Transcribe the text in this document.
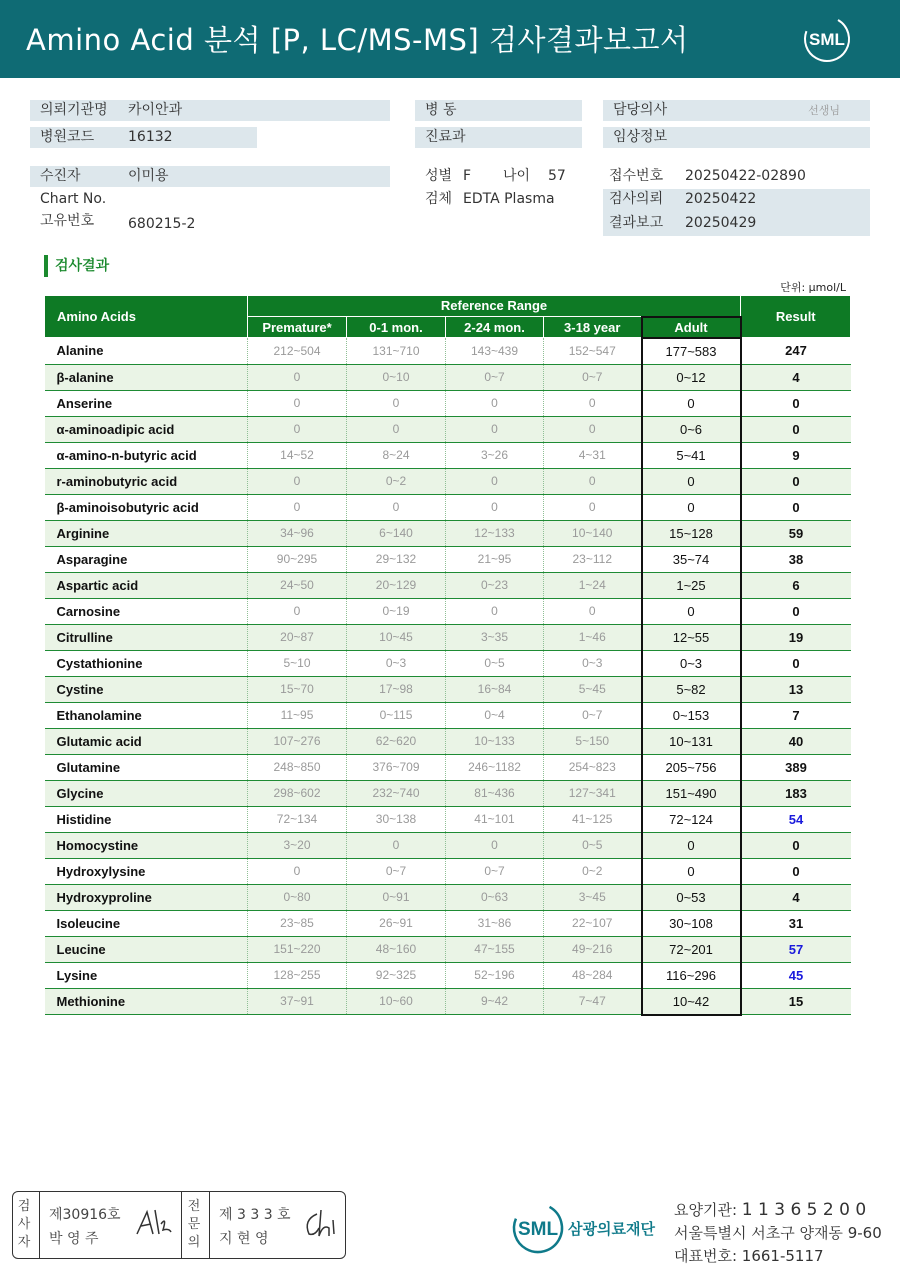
Amino Acid 분석 [P, LC/MS-MS] 검사결과보고서	SML
의뢰기관명 카이안과
병원코드 16132
병 동
진료과
담당의사	선생님
임상정보
수진자	이미용
Chart No.
고유번호 680215-2
성별 F 나이 57
검체 EDTA Plasma
접수번호 20250422-02890
검사의뢰 20250422
결과보고 20250429
검사결과
단위: µmol/L
Amino Acids	Reference Range					Result
	Premature*	0-1 mon.	2-24 mon.	3-18 year	Adult	
Alanine	212~504	131~710	143~439	152~547	177~583	247
β-alanine	0	0~10	0~7	0~7	0~12	4
Anserine	0	0	0	0	0	0
α-aminoadipic acid	0	0	0	0	0~6	0
α-amino-n-butyric acid	14~52	8~24	3~26	4~31	5~41	9
r-aminobutyric acid	0	0~2	0	0	0	0
β-aminoisobutyric acid	0	0	0	0	0	0
Arginine	34~96	6~140	12~133	10~140	15~128	59
Asparagine	90~295	29~132	21~95	23~112	35~74	38
Aspartic acid	24~50	20~129	0~23	1~24	1~25	6
Carnosine	0	0~19	0	0	0	0
Citrulline	20~87	10~45	3~35	1~46	12~55	19
Cystathionine	5~10	0~3	0~5	0~3	0~3	0
Cystine	15~70	17~98	16~84	5~45	5~82	13
Ethanolamine	11~95	0~115	0~4	0~7	0~153	7
Glutamic acid	107~276	62~620	10~133	5~150	10~131	40
Glutamine	248~850	376~709	246~1182	254~823	205~756	389
Glycine	298~602	232~740	81~436	127~341	151~490	183
Histidine	72~134	30~138	41~101	41~125	72~124	54
Homocystine	3~20	0	0	0~5	0	0
Hydroxylysine	0	0~7	0~7	0~2	0	0
Hydroxyproline	0~80	0~91	0~63	3~45	0~53	4
Isoleucine	23~85	26~91	31~86	22~107	30~108	31
Leucine	151~220	48~160	47~155	49~216	72~201	57
Lysine	128~255	92~325	52~196	48~284	116~296	45
Methionine	37~91	10~60	9~42	7~47	10~42	15
검
사
자
제30916호
박 영 주
전
문
의
제 3 3 3 호
지 현 영	SML 삼광의료재단
요양기관: 1 1 3 6 5 2 0 0
서울특별시 서초구 양재동 9-60
대표번호: 1661-5117
